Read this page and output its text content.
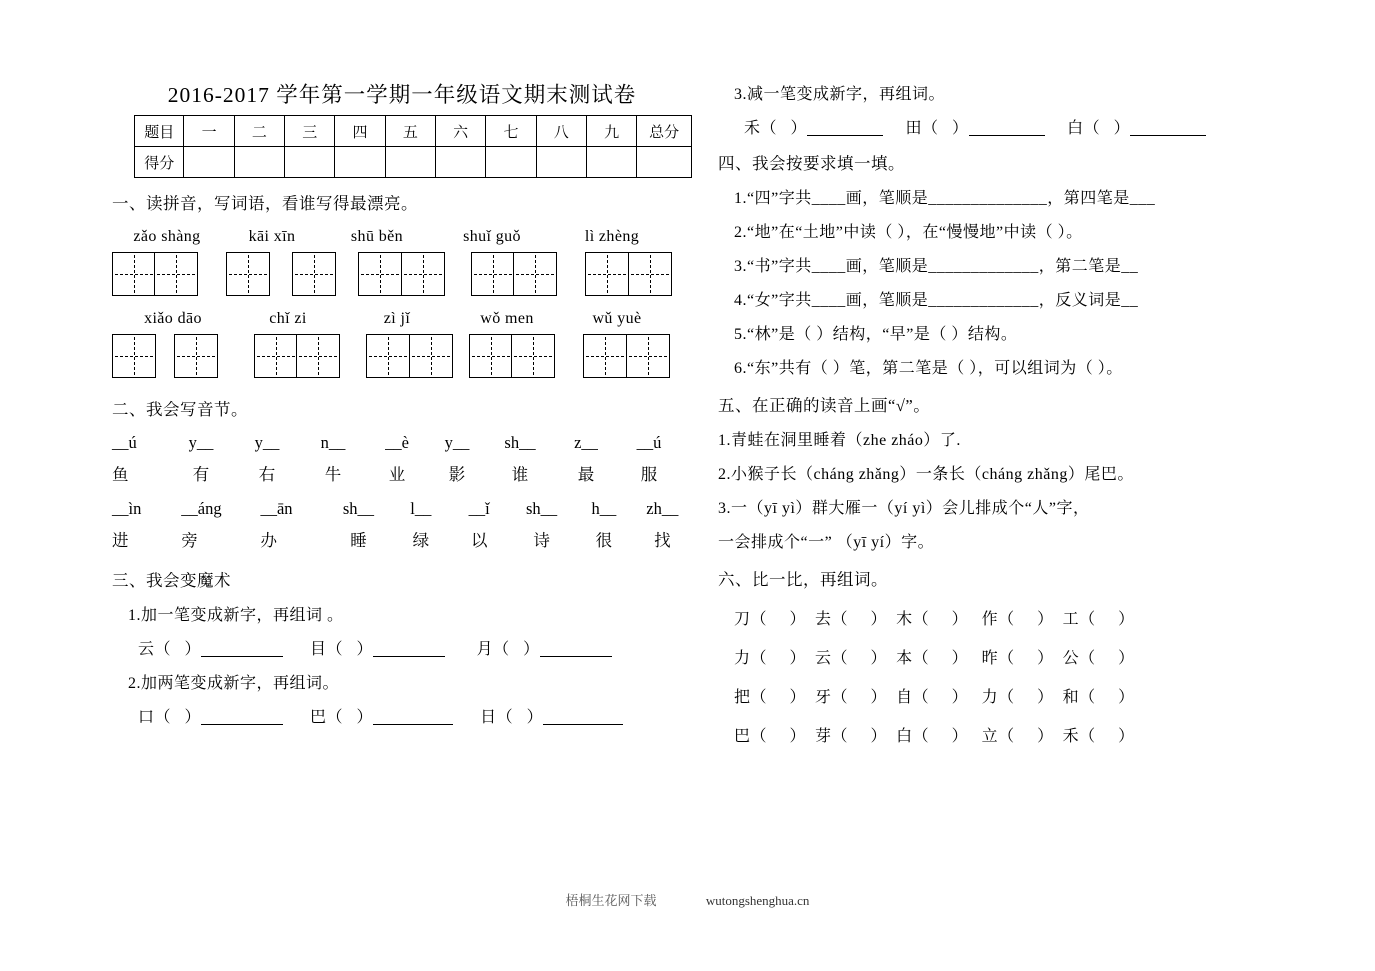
2016-2017 学年第一学期一年级语文期末测试卷
题目	一	二	三	四	五	六	七	八	九	总分
得分										
一、读拼音，写词语，看谁写得最漂亮。
zǎo shàng	kāi xīn	shū běn	shuǐ guǒ	lì zhèng
xiǎo dāo	chǐ zi	zì jǐ	wǒ men	wǔ yuè
二、我会写音节。
__ú	y__	y__	n__	__è	y__	sh__	z__	__ú
鱼	有	右	牛	业	影	谁	最	服
__ìn	__áng	__ān	sh__	l__	__ǐ	sh__	h__	zh__
进	旁	办	睡	绿	以	诗	很	找
三、我会变魔术
1.加一笔变成新字，再组词 。
云（   ）	目（   ）	月（   ）
2.加两笔变成新字，再组词。
口（   ）	巴（   ）	日（   ）
3.减一笔变成新字，再组词。
禾（   ）	田（   ）	白（   ）
四、我会按要求填一填。
1.“四”字共____画，笔顺是______________，第四笔是___
2.“地”在“土地”中读（ ），在“慢慢地”中读（ ）。
3.“书”字共____画，笔顺是_____________，第二笔是__
4.“女”字共____画，笔顺是_____________，反义词是__
5.“林”是（ ）结构，“早”是（ ）结构。
6.“东”共有（ ）笔，第二笔是（ ），可以组词为（ ）。
五、在正确的读音上画“√”。
1.青蛙在洞里睡着（zhe zháo）了.
2.小猴子长（cháng zhǎng）一条长（cháng zhǎng）尾巴。
3.一（yī yì）群大雁一（yí yì）会儿排成个“人”字，
一会排成个“一” （yī yí）字。
六、比一比，再组词。
刀（     ）  去（     ）  木（     ）   作（     ）  工（     ）
力（     ）  云（     ）  本（     ）   昨（     ）  公（     ）
把（     ）  牙（     ）  自（     ）   力（     ）  和（     ）
巴（     ）  芽（     ）  白（     ）   立（     ）  禾（     ）
梧桐生花网下载	wutongshenghua.cn
